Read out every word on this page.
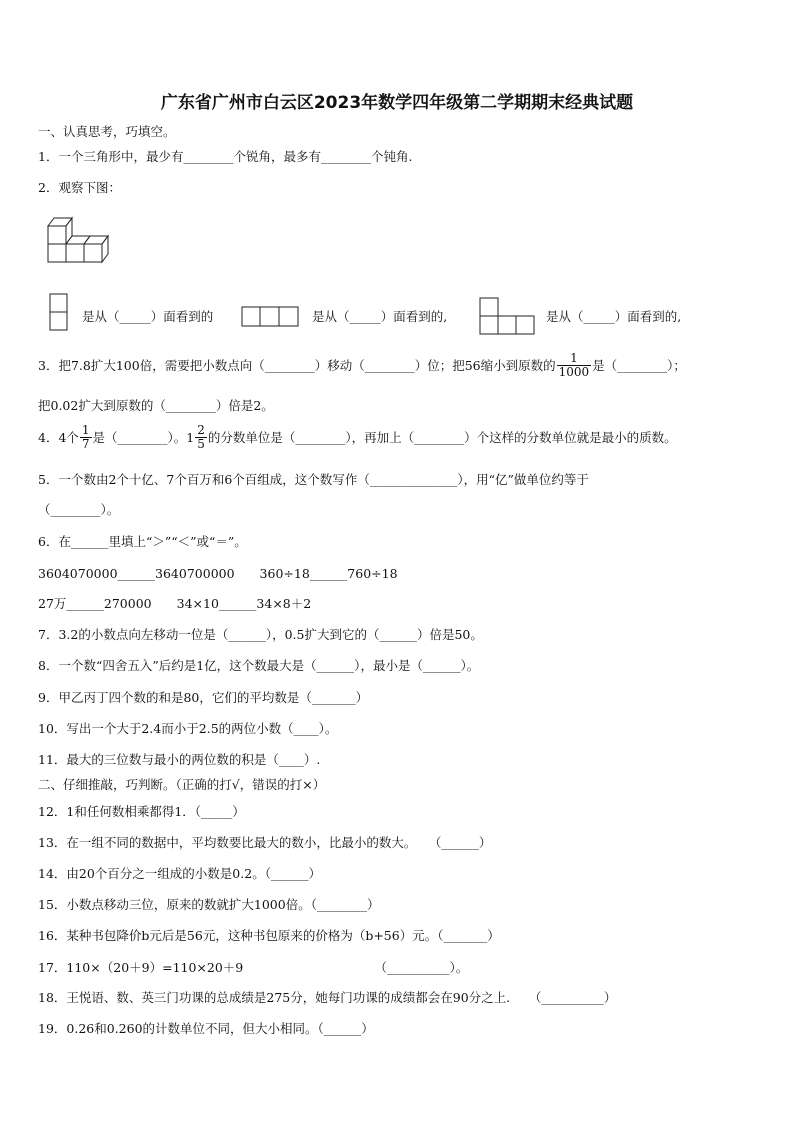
广东省广州市白云区2023年数学四年级第二学期期末经典试题
一、认真思考，巧填空。
1．一个三角形中，最少有________个锐角，最多有________个钝角.
2．观察下图：
是从（_____）面看到的	是从（_____）面看到的,	是从（_____）面看到的,
3．把7.8扩大100倍，需要把小数点向（________）移动（________）位；把56缩小到原数的 $\frac{1}{1000}$ 是（________）；
把0.02扩大到原数的（________）倍是2。
4．4个 $\frac{1}{7}$ 是（________）。$1 \frac{2}{5}$ 的分数单位是（________），再加上（________）个这样的分数单位就是最小的质数。
5．一个数由2个十亿、7个百万和6个百组成，这个数写作（______________），用“亿”做单位约等于
（________）。
6．在______里填上“＞”“＜”或“＝”。
3604070000______3640700000　　360÷18______760÷18
27万______270000　　34×10______34×8＋2
7．3.2的小数点向左移动一位是（______），0.5扩大到它的（______）倍是50。
8．一个数“四舍五入”后约是1亿，这个数最大是（______），最小是（______）。
9．甲乙丙丁四个数的和是80，它们的平均数是（_______）
10．写出一个大于2.4而小于2.5的两位小数（____）。
11．最大的三位数与最小的两位数的积是（____）.
二、仔细推敲，巧判断。（正确的打√，错误的打×）
12．1和任何数相乘都得1．（_____）
13．在一组不同的数据中，平均数要比最大的数小，比最小的数大。　　（______）
14．由20个百分之一组成的小数是0.2。（______）
15．小数点移动三位，原来的数就扩大1000倍。（________）
16．某种书包降价b元后是56元，这种书包原来的价格为（b+56）元。（_______）
17．110×（20＋9）=110×20＋9　　　　　　　　　　　（__________）。
18．王悦语、数、英三门功课的总成绩是275分，她每门功课的成绩都会在90分之上.　　（__________）
19．0.26和0.260的计数单位不同，但大小相同。（______）
